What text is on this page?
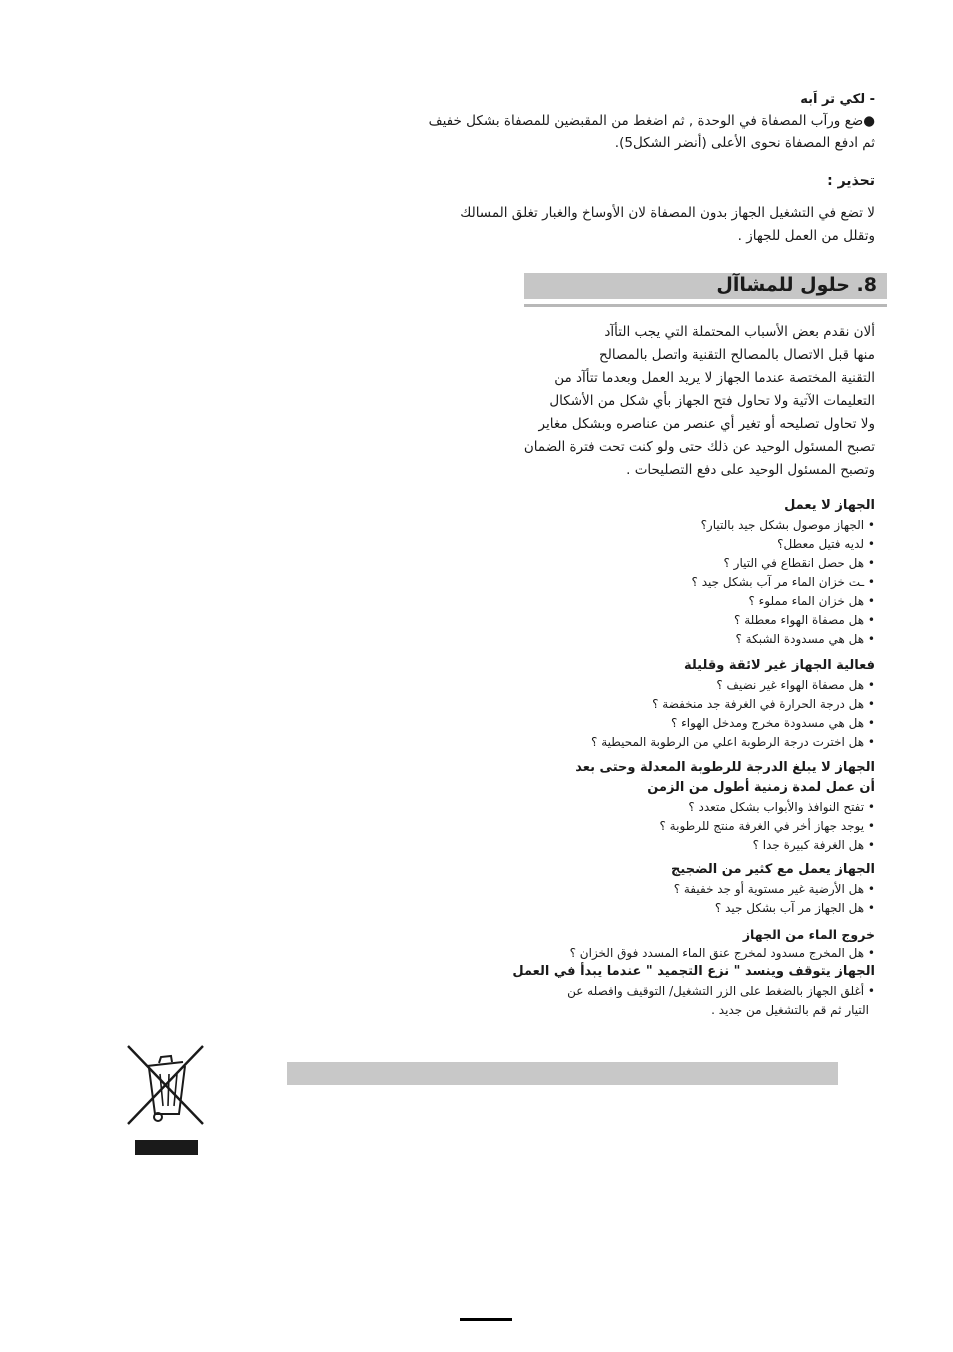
- لكي تر اَبه
●ضع ورآب المصفاة في الوحدة , ثم اضغط من المقبضين للمصفاة بشكل خفيف
ثم ادفع المصفاة نحوى الأعلى (أنضر الشكل5).
تحذير :
لا تضع في التشغيل الجهاز بدون المصفاة لان الأوساخ والغبار تغلق المسالك
وتقلل من العمل للجهاز .
8. حلول للمشاآل
ألان نقدم بعض الأسباب المحتملة التي يجب التأآد
منها قبل الاتصال بالمصالح التقنية واتصل بالمصالح
التقنية المختصة عندما الجهاز لا يريد العمل وبعدما تتأآد من
التعليمات الآتية ولا تحاول فتح الجهاز بأي شكل من الأشكال
ولا تحاول تصليحه أو تغير أي عنصر من عناصره وبشكل مغاير
تصبح المسئول الوحيد عن ذلك حتى ولو كنت تحت فترة الضمان
وتصبح المسئول الوحيد على دفع التصليحات .
الجهاز لا يعمل
• الجهاز موصول بشكل جيد بالتيار؟
• لديه فتيل معطل؟
• هل حصل انقطاع في التيار ؟
• ـت خزان الماء مر آب بشكل جيد ؟
• هل خزان الماء مملوء ؟
• هل مصفاة الهواء معطلة ؟
• هل هي مسدودة الشبكة ؟
فعالية الجهاز غير لائقة وقليلة
• هل مصفاة الهواء غير نضيف ؟
• هل درجة الحرارة في الغرفة جد منخفضة ؟
• هل هي مسدودة مخرج ومدخل الهواء ؟
• هل اخترت درجة الرطوبة اعلي من الرطوبة المحيطية ؟
الجهاز لا يبلغ الدرجة للرطوبة المعدلة وحتى بعد
أن عمل لمدة زمنية أطول من الزمن
• تفتح النوافذ والأبواب بشكل متعدد ؟
• يوجد جهاز أخر في الغرفة منتج للرطوبة ؟
• هل الغرفة كبيرة جدا ؟
الجهاز يعمل مع كثير من الضجيج
• هل الأرضية غير مستوية أو جد خفيفة ؟
• هل الجهاز مر آب بشكل جيد ؟
خروج الماء من الجهاز
• هل المخرج مسدود لمخرج عنق الماء المسدد فوق الخزان ؟
الجهاز يتوقف وينسد " نزع التجميد " عندما يبدأ في العمل
• أغلق الجهاز بالضغط على الزر التشغيل/ التوقيف وافصله عن
التيار ثم قم بالتشغيل من جديد .
